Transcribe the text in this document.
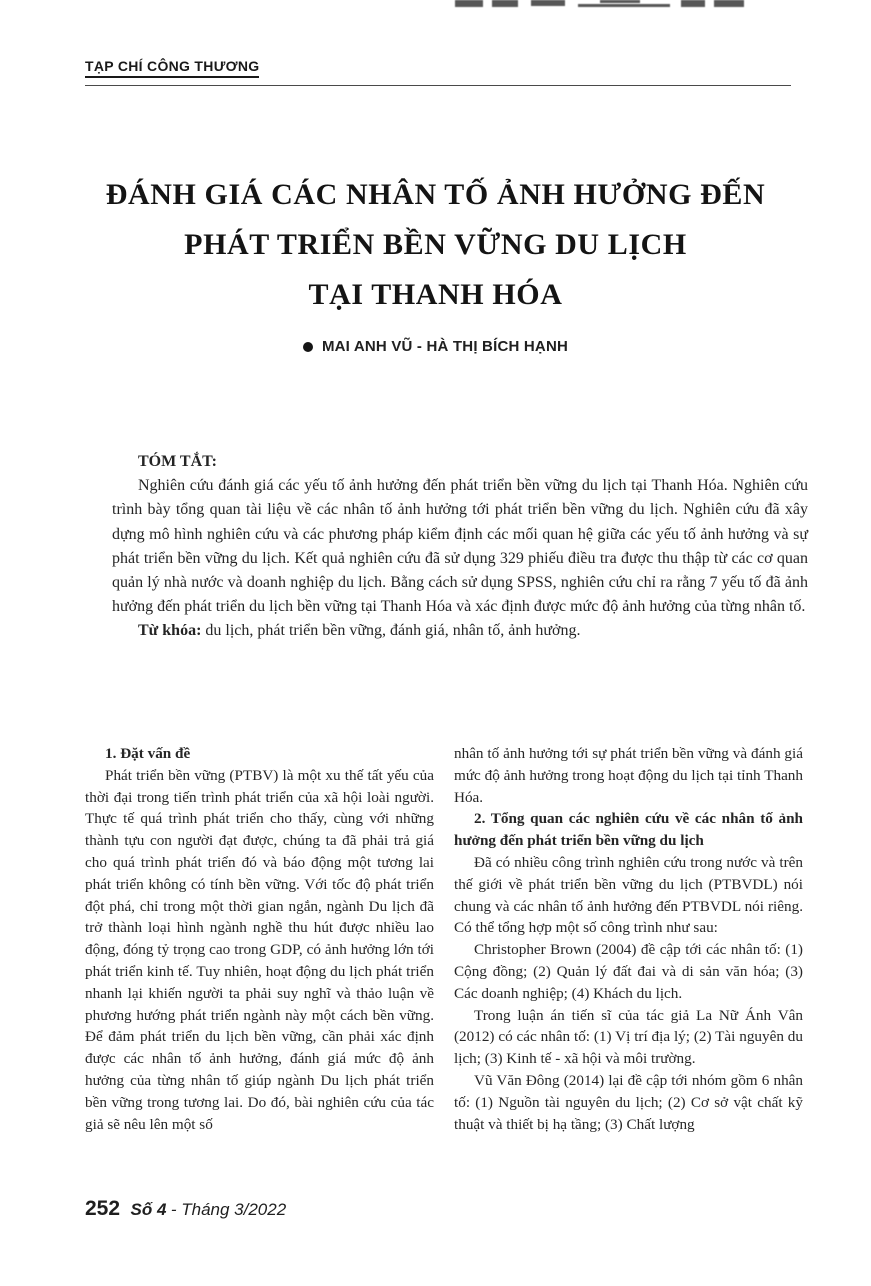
TẠP CHÍ CÔNG THƯƠNG
ĐÁNH GIÁ CÁC NHÂN TỐ ẢNH HƯỞNG ĐẾN
PHÁT TRIỂN BỀN VỮNG DU LỊCH
TẠI THANH HÓA
MAI ANH VŨ - HÀ THỊ BÍCH HẠNH

TÓM TẮT:

Nghiên cứu đánh giá các yếu tố ảnh hưởng đến phát triển bền vững du lịch tại Thanh Hóa. Nghiên cứu trình bày tổng quan tài liệu về các nhân tố ảnh hưởng tới phát triển bền vững du lịch. Nghiên cứu đã xây dựng mô hình nghiên cứu và các phương pháp kiểm định các mối quan hệ giữa các yếu tố ảnh hưởng và sự phát triển bền vững du lịch. Kết quả nghiên cứu đã sử dụng 329 phiếu điều tra được thu thập từ các cơ quan quản lý nhà nước và doanh nghiệp du lịch. Bằng cách sử dụng SPSS, nghiên cứu chỉ ra rằng 7 yếu tố đã ảnh hưởng đến phát triển du lịch bền vững tại Thanh Hóa và xác định được mức độ ảnh hưởng của từng nhân tố.

Từ khóa: du lịch, phát triển bền vững, đánh giá, nhân tố, ảnh hưởng.

1. Đặt vấn đề

Phát triển bền vững (PTBV) là một xu thế tất yếu của thời đại trong tiến trình phát triển của xã hội loài người. Thực tế quá trình phát triển cho thấy, cùng với những thành tựu con người đạt được, chúng ta đã phải trả giá cho quá trình phát triển đó và báo động một tương lai phát triển không có tính bền vững. Với tốc độ phát triển đột phá, chỉ trong một thời gian ngắn, ngành Du lịch đã trở thành loại hình ngành nghề thu hút được nhiều lao động, đóng tỷ trọng cao trong GDP, có ảnh hưởng lớn tới phát triển kinh tế. Tuy nhiên, hoạt động du lịch phát triển nhanh lại khiến người ta phải suy nghĩ và thảo luận về phương hướng phát triển ngành này một cách bền vững. Để đảm phát triển du lịch bền vững, cần phải xác định được các nhân tố ảnh hưởng, đánh giá mức độ ảnh hưởng của từng nhân tố giúp ngành Du lịch phát triển bền vững trong tương lai. Do đó, bài nghiên cứu của tác giả sẽ nêu lên một số

nhân tố ảnh hưởng tới sự phát triển bền vững và đánh giá mức độ ảnh hưởng trong hoạt động du lịch tại tỉnh Thanh Hóa.

2. Tổng quan các nghiên cứu về các nhân tố ảnh hưởng đến phát triển bền vững du lịch

Đã có nhiều công trình nghiên cứu trong nước và trên thế giới về phát triển bền vững du lịch (PTBVDL) nói chung và các nhân tố ảnh hưởng đến PTBVDL nói riêng. Có thể tổng hợp một số công trình như sau:

Christopher Brown (2004) đề cập tới các nhân tố: (1) Cộng đồng; (2) Quản lý đất đai và di sản văn hóa; (3) Các doanh nghiệp; (4) Khách du lịch.

Trong luận án tiến sĩ của tác giả La Nữ Ánh Vân (2012) có các nhân tố: (1) Vị trí địa lý; (2) Tài nguyên du lịch; (3) Kinh tế - xã hội và môi trường.

Vũ Văn Đông (2014) lại đề cập tới nhóm gồm 6 nhân tố: (1) Nguồn tài nguyên du lịch; (2) Cơ sở vật chất kỹ thuật và thiết bị hạ tầng; (3) Chất lượng

252 Số 4 - Tháng 3/2022
